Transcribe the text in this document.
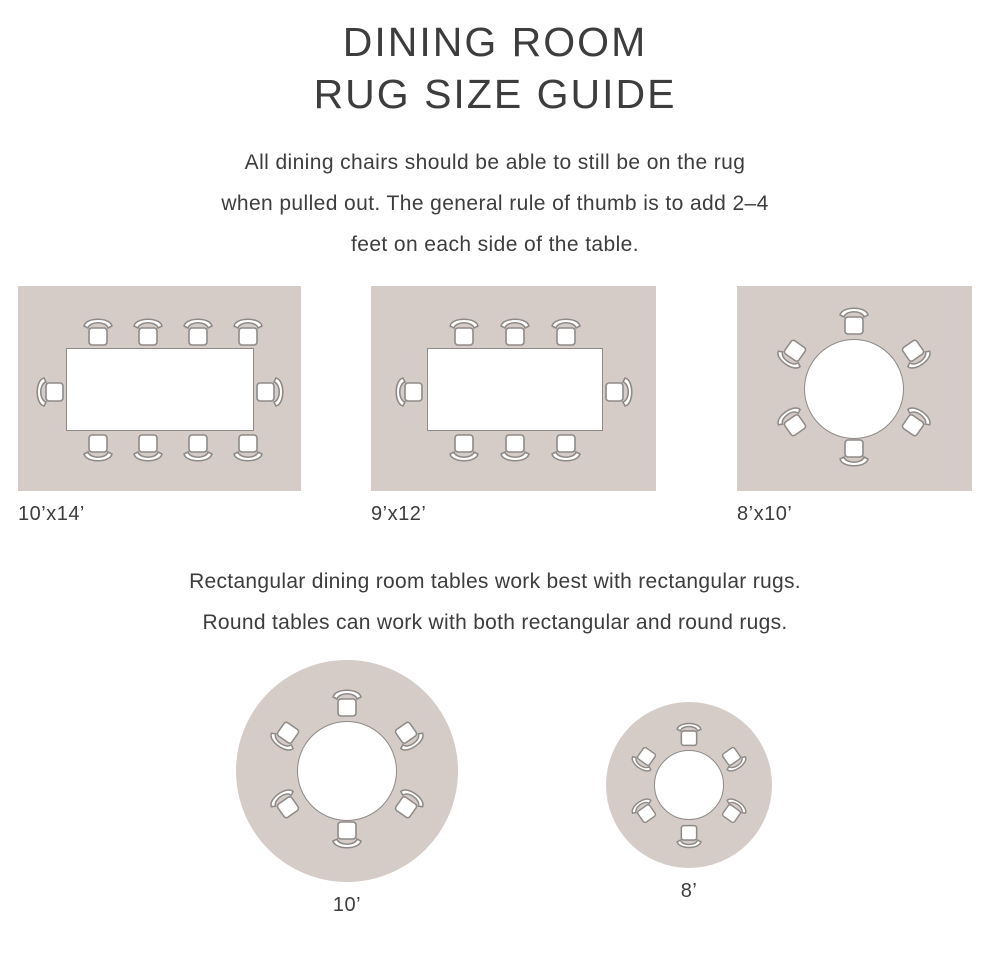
DINING ROOM
RUG SIZE GUIDE
All dining chairs should be able to still be on the rug
when pulled out. The general rule of thumb is to add 2–4
feet on each side of the table.
10’x14’	9’x12’	8’x10’
Rectangular dining room tables work best with rectangular rugs.
Round tables can work with both rectangular and round rugs.
10’
8’
